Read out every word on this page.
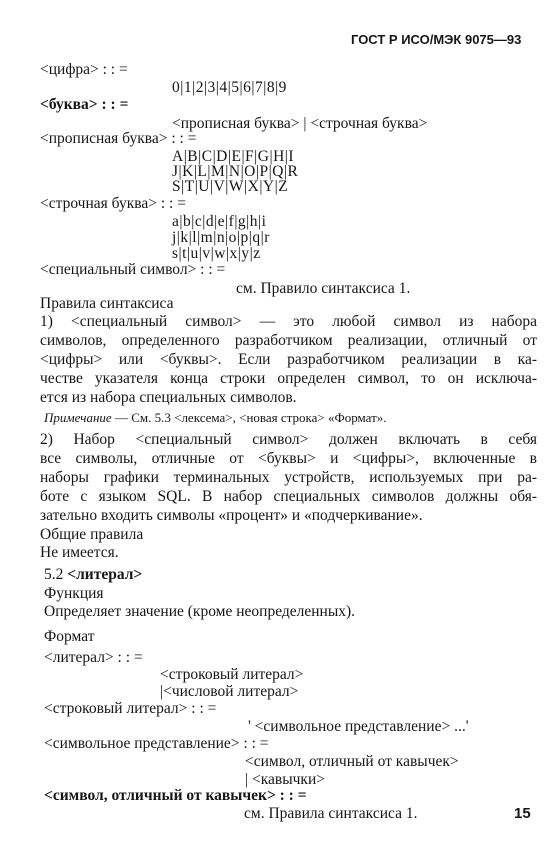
ГОСТ Р ИСО/МЭК 9075—93
<цифра> : : =
0|1|2|3|4|5|6|7|8|9
<буква> : : =
<прописная буква> | <строчная буква>
<прописная буква> : : =
A|B|C|D|E|F|G|H|I
J|K|L|M|N|O|P|Q|R
S|T|U|V|W|X|Y|Z
<строчная буква> : : =
a|b|c|d|e|f|g|h|i
j|k|l|m|n|o|p|q|r
s|t|u|v|w|x|y|z
<специальный символ> : : =
см. Правило синтаксиса 1.
Правила синтаксиса
1) <специальный символ> — это любой символ из набора
символов, определенного разработчиком реализации, отличный от
<цифры> или <буквы>. Если разработчиком реализации в ка-
честве указателя конца строки определен символ, то он исключа-
ется из набора специальных символов.
Примечание — См. 5.3 <лексема>, <новая строка> «Формат».
2) Набор <специальный символ> должен включать в себя
все символы, отличные от <буквы> и <цифры>, включенные в
наборы графики терминальных устройств, используемых при ра-
боте с языком SQL. В набор специальных символов должны обя-
зательно входить символы «процент» и «подчеркивание».
Общие правила
Не имеется.
5.2 <литерал>
Функция
Определяет значение (кроме неопределенных).
Формат
<литерал> : : =
<строковый литерал>
|<числовой литерал>
<строковый литерал> : : =
' <символьное представление> ...'
<символьное представление> : : =
<символ, отличный от кавычек>
| <кавычки>
<символ, отличный от кавычек> : : =
см. Правила синтаксиса 1.	15
